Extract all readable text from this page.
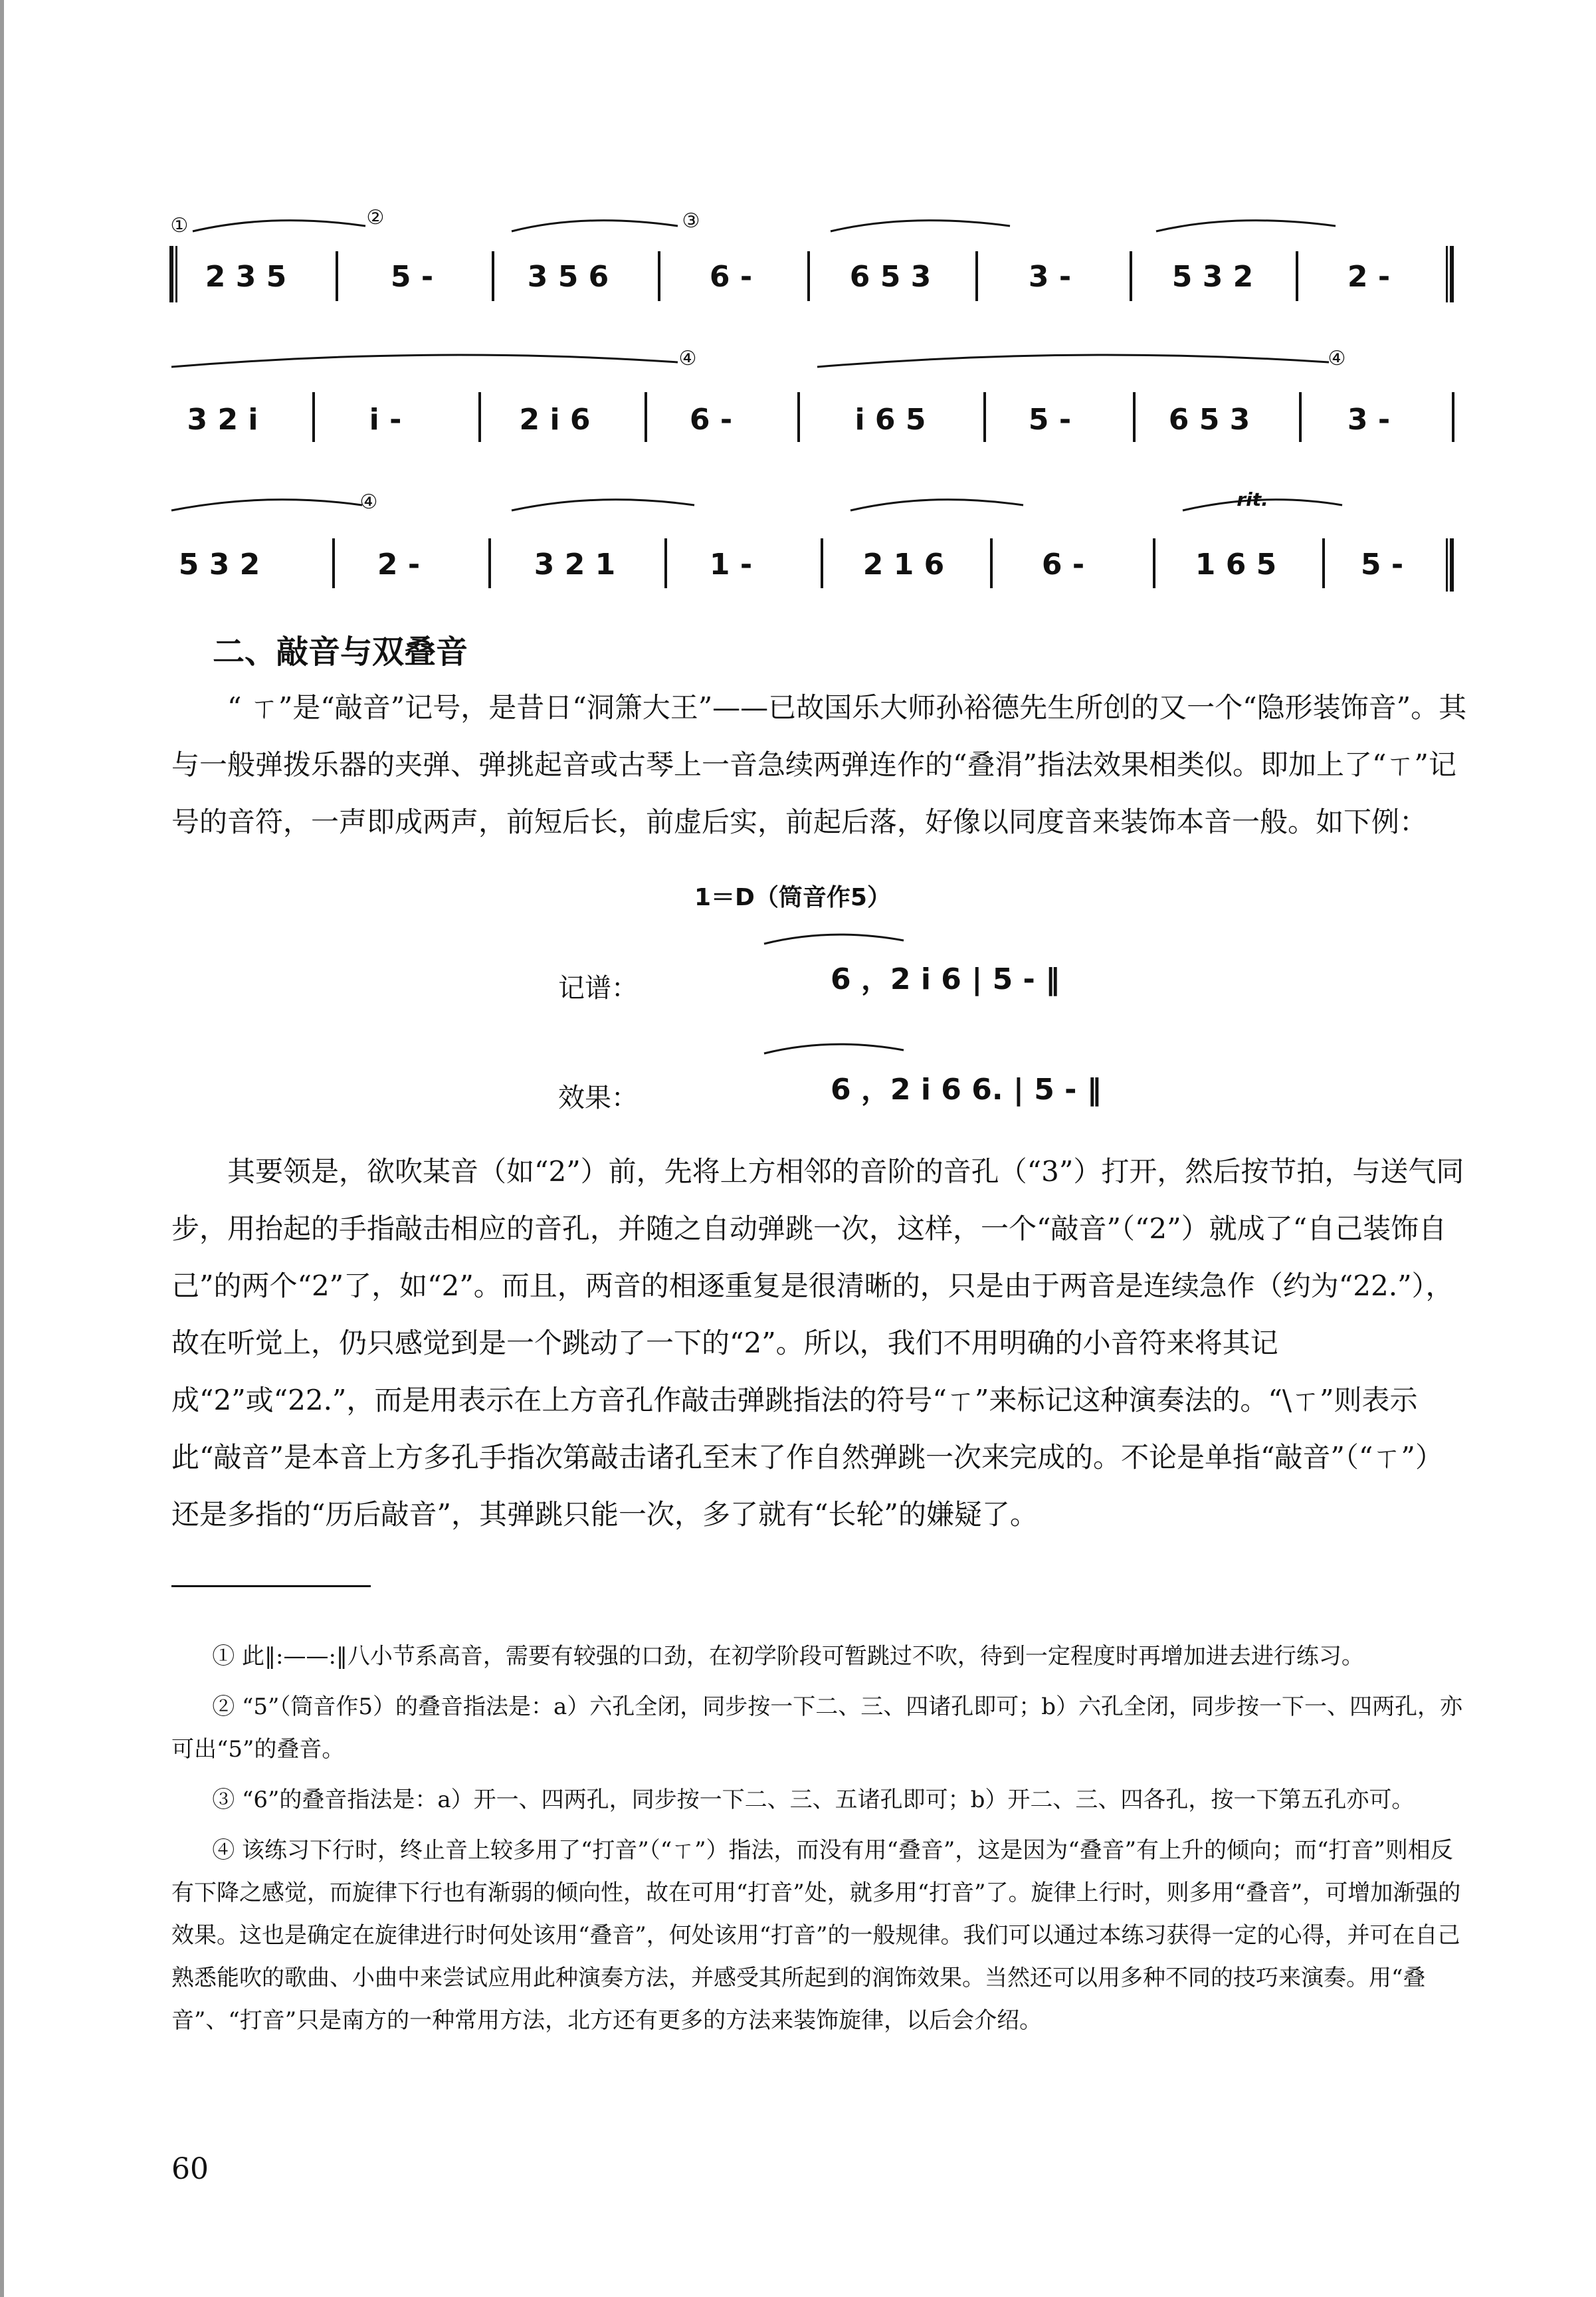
①	②	③
④	④
④	rit.
2 3 5	5 -	3 5 6	6 -	6 5 3	3 -	5 3 2	2 -
3 2 i	i -	2 i 6	6 -	i 6 5	5 -	6 5 3	3 -
5 3 2	2 -	3 2 1	1 -	2 1 6	6 -	1 6 5	5 -
二、敲音与双叠音

“ ㄒ”是“敲音”记号，是昔日“洞箫大王”——已故国乐大师孙裕德先生所创的又一个“隐形装饰音”。其与一般弹拨乐器的夹弹、弹挑起音或古琴上一音急续两弹连作的“叠涓”指法效果相类似。即加上了“ㄒ”记号的音符，一声即成两声，前短后长，前虚后实，前起后落，好像以同度音来装饰本音一般。如下例：

1＝D（筒音作5）
记谱：	6 ，2 i 6 | 5 - ‖
效果：	6 ，2 i 6 6. | 5 - ‖

其要领是，欲吹某音（如“2”）前，先将上方相邻的音阶的音孔（“3”）打开，然后按节拍，与送气同步，用抬起的手指敲击相应的音孔，并随之自动弹跳一次，这样，一个“敲音”（“2”）就成了“自己装饰自己”的两个“2”了，如“2”。而且，两音的相逐重复是很清晰的，只是由于两音是连续急作（约为“22.”），故在听觉上，仍只感觉到是一个跳动了一下的“2”。所以，我们不用明确的小音符来将其记成“2”或“22.”，而是用表示在上方音孔作敲击弹跳指法的符号“ㄒ”来标记这种演奏法的。“\ㄒ”则表示此“敲音”是本音上方多孔手指次第敲击诸孔至末了作自然弹跳一次来完成的。不论是单指“敲音”（“ㄒ”）还是多指的“历后敲音”，其弹跳只能一次，多了就有“长轮”的嫌疑了。

① 此‖:——:‖八小节系高音，需要有较强的口劲，在初学阶段可暂跳过不吹，待到一定程度时再增加进去进行练习。

② “5”（筒音作5）的叠音指法是：a）六孔全闭，同步按一下二、三、四诸孔即可；b）六孔全闭，同步按一下一、四两孔，亦可出“5”的叠音。

③ “6”的叠音指法是：a）开一、四两孔，同步按一下二、三、五诸孔即可；b）开二、三、四各孔，按一下第五孔亦可。

④ 该练习下行时，终止音上较多用了“打音”（“ㄒ”）指法，而没有用“叠音”，这是因为“叠音”有上升的倾向；而“打音”则相反有下降之感觉，而旋律下行也有渐弱的倾向性，故在可用“打音”处，就多用“打音”了。旋律上行时，则多用“叠音”，可增加渐强的效果。这也是确定在旋律进行时何处该用“叠音”，何处该用“打音”的一般规律。我们可以通过本练习获得一定的心得，并可在自己熟悉能吹的歌曲、小曲中来尝试应用此种演奏方法，并感受其所起到的润饰效果。当然还可以用多种不同的技巧来演奏。用“叠音”、“打音”只是南方的一种常用方法，北方还有更多的方法来装饰旋律，以后会介绍。

60
